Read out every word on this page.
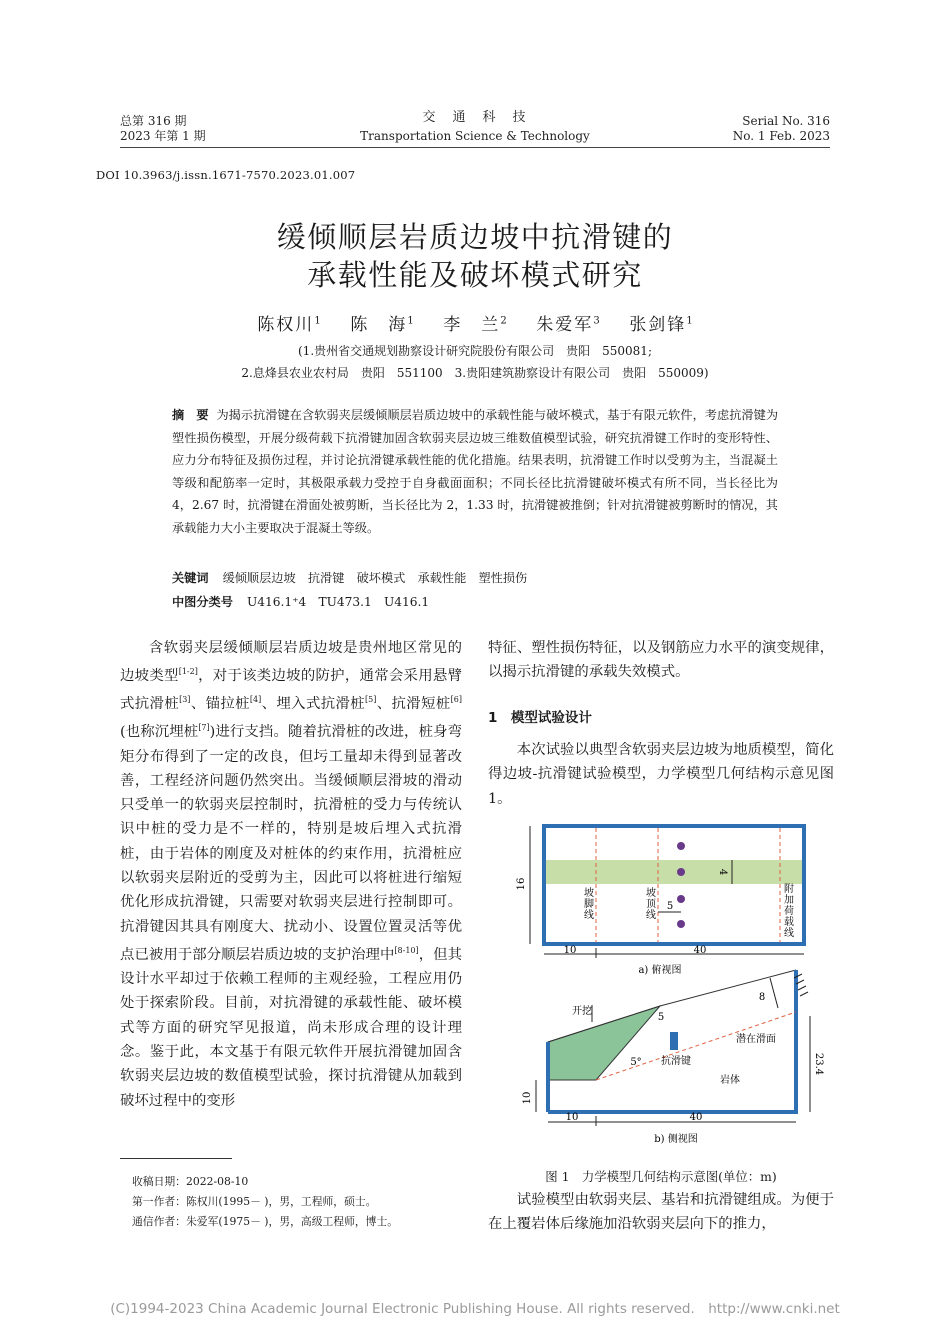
总第 316 期
2023 年第 1 期
交　通　科　技
Transportation Science & Technology
Serial No. 316
No. 1 Feb. 2023
DOI 10.3963/j.issn.1671-7570.2023.01.007
缓倾顺层岩质边坡中抗滑键的
承载性能及破坏模式研究
陈权川$^1$ 陈　海$^1$ 李　兰$^2$ 朱爱军$^3$ 张剑锋$^1$
(1.贵州省交通规划勘察设计研究院股份有限公司　贵阳　550081;
2.息烽县农业农村局　贵阳　551100　3.贵阳建筑勘察设计有限公司　贵阳　550009)
摘　要 为揭示抗滑键在含软弱夹层缓倾顺层岩质边坡中的承载性能与破坏模式，基于有限元软件，考虑抗滑键为塑性损伤模型，开展分级荷载下抗滑键加固含软弱夹层边坡三维数值模型试验，研究抗滑键工作时的变形特性、应力分布特征及损伤过程，并讨论抗滑键承载性能的优化措施。结果表明，抗滑键工作时以受剪为主，当混凝土等级和配筋率一定时，其极限承载力受控于自身截面面积；不同长径比抗滑键破坏模式有所不同，当长径比为 4，2.67 时，抗滑键在滑面处被剪断，当长径比为 2，1.33 时，抗滑键被推倒；针对抗滑键被剪断时的情况，其承载能力大小主要取决于混凝土等级。
关键词 缓倾顺层边坡　抗滑键　破坏模式　承载性能　塑性损伤
中图分类号 U416.1⁺4　TU473.1　U416.1

含软弱夹层缓倾顺层岩质边坡是贵州地区常见的边坡类型[1-2]，对于该类边坡的防护，通常会采用悬臂式抗滑桩[3]、锚拉桩[4]、埋入式抗滑桩[5]、抗滑短桩[6](也称沉埋桩[7])进行支挡。随着抗滑桩的改进，桩身弯矩分布得到了一定的改良，但圬工量却未得到显著改善，工程经济问题仍然突出。当缓倾顺层滑坡的滑动只受单一的软弱夹层控制时，抗滑桩的受力与传统认识中桩的受力是不一样的，特别是坡后埋入式抗滑桩，由于岩体的刚度及对桩体的约束作用，抗滑桩应以软弱夹层附近的受剪为主，因此可以将桩进行缩短优化形成抗滑键，只需要对软弱夹层进行控制即可。抗滑键因其具有刚度大、扰动小、设置位置灵活等优点已被用于部分顺层岩质边坡的支护治理中[8-10]，但其设计水平却过于依赖工程师的主观经验，工程应用仍处于探索阶段。目前，对抗滑键的承载性能、破坏模式等方面的研究罕见报道，尚未形成合理的设计理念。鉴于此，本文基于有限元软件开展抗滑键加固含软弱夹层边坡的数值模型试验，探讨抗滑键从加载到破坏过程中的变形

收稿日期：2022-08-10
第一作者：陈权川(1995－ )，男，工程师，硕士。
通信作者：朱爱军(1975－ )，男，高级工程师，博士。

特征、塑性损伤特征，以及钢筋应力水平的演变规律，以揭示抗滑键的承载失效模式。

1　模型试验设计

本次试验以典型含软弱夹层边坡为地质模型，简化得边坡-抗滑键试验模型，力学模型几何结构示意见图 1。

4
5
16
坡 脚 线
坡 顶 线
附 加 荷 载 线
10	40
a) 俯视图
抗滑键
开挖
5
5°
潜在滑面
岩体
8
23.4
10
10	40
b) 侧视图
图 1　力学模型几何结构示意图(单位：m)

试验模型由软弱夹层、基岩和抗滑键组成。为便于在上覆岩体后缘施加沿软弱夹层向下的推力，

(C)1994-2023 China Academic Journal Electronic Publishing House. All rights reserved.　http://www.cnki.net
